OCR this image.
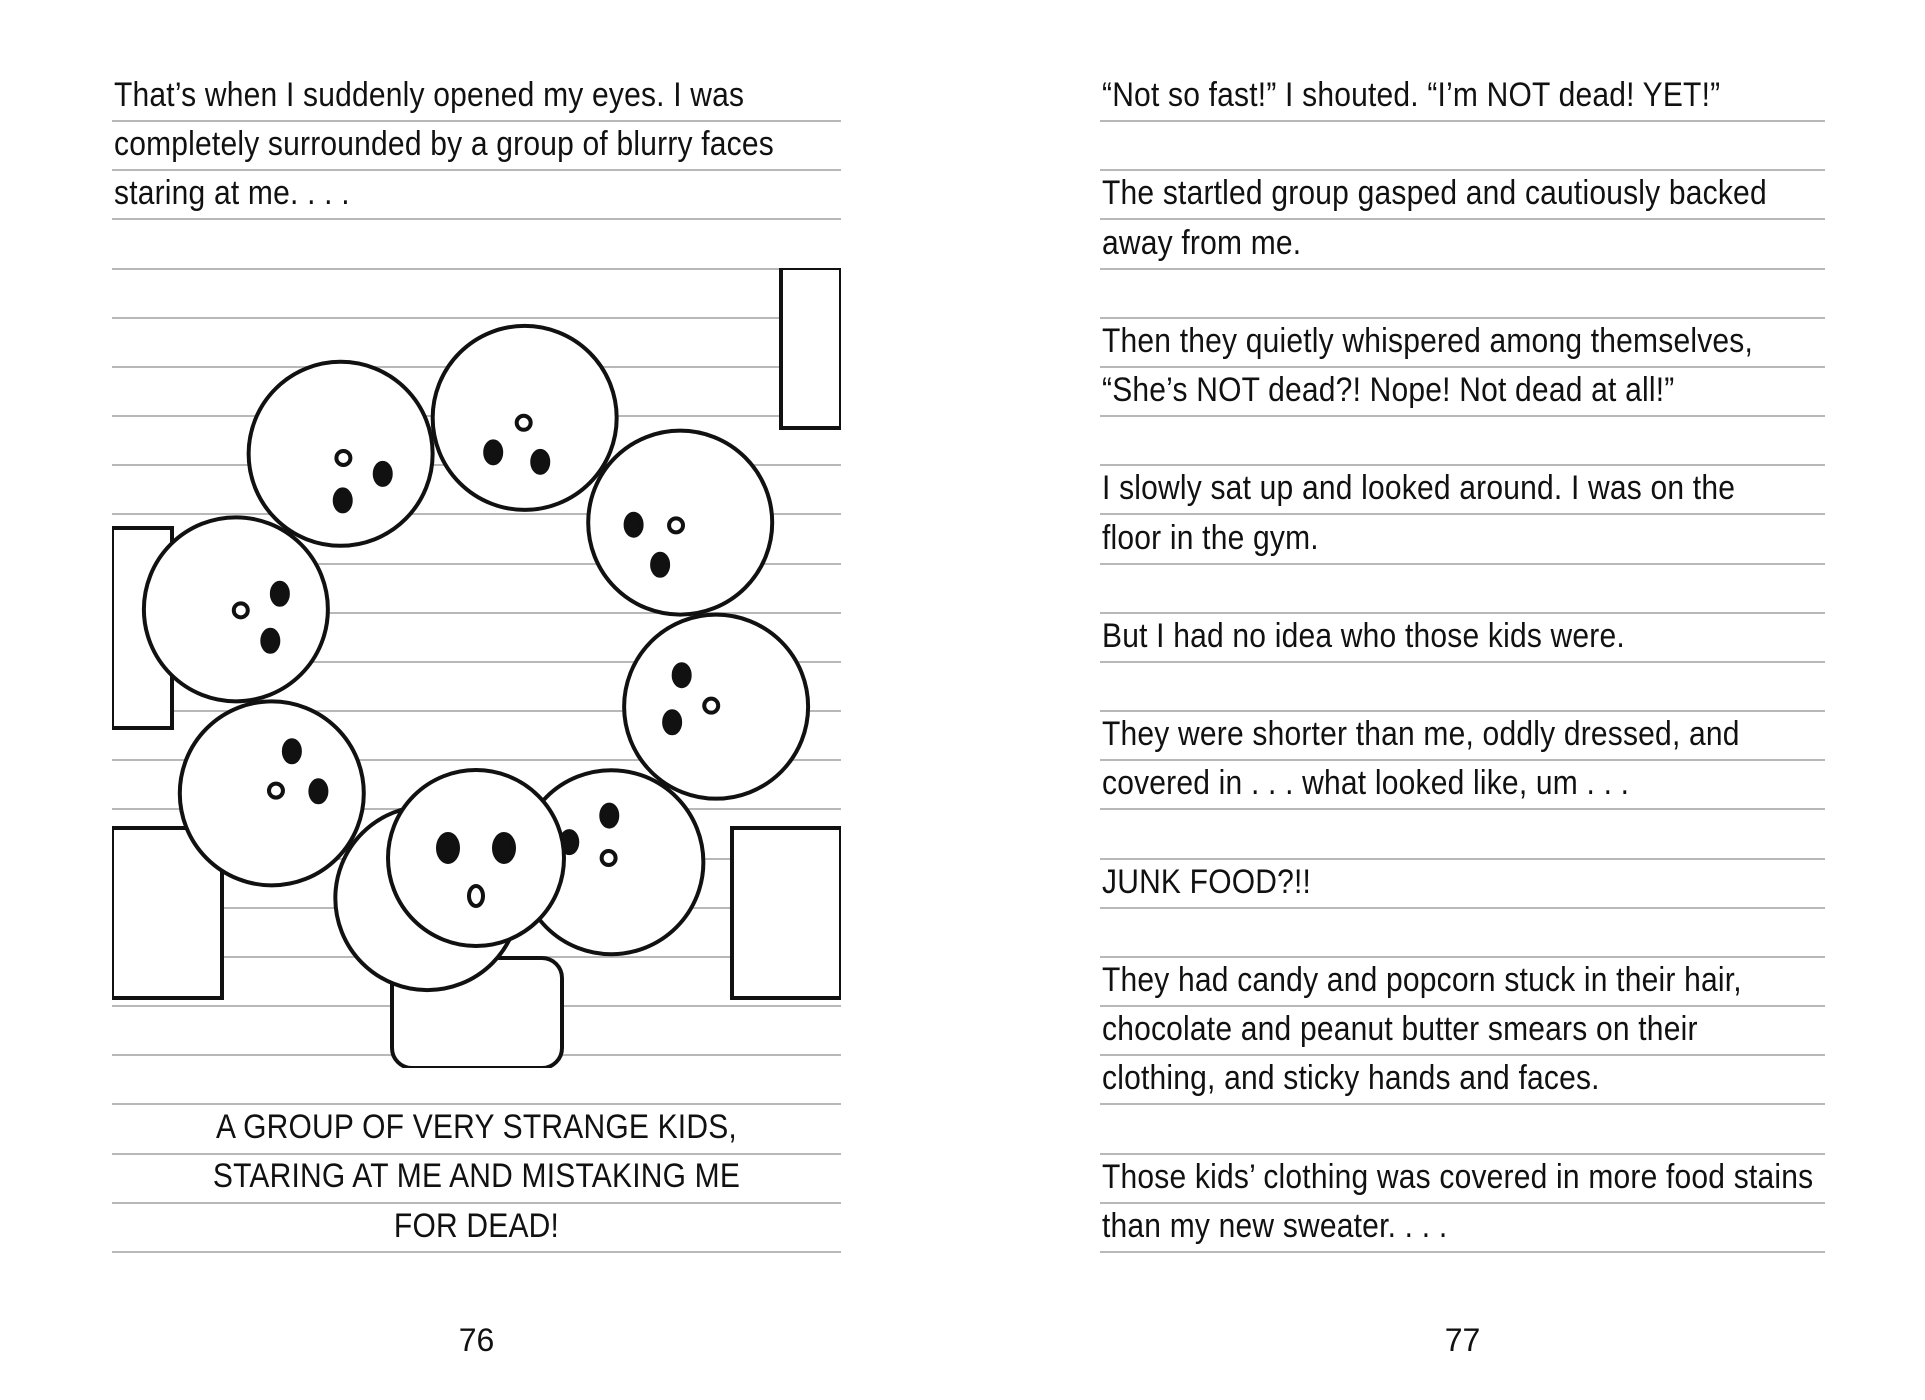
That’s when I suddenly opened my eyes. I was
completely surrounded by a group of blurry faces
staring at me. . . .
A GROUP OF VERY STRANGE KIDS,
STARING AT ME AND MISTAKING ME
FOR DEAD!
76
“Not so fast!” I shouted. “I’m NOT dead! YET!”
The startled group gasped and cautiously backed
away from me.
Then they quietly whispered among themselves,
“She’s NOT dead?! Nope! Not dead at all!”
I slowly sat up and looked around. I was on the
floor in the gym.
But I had no idea who those kids were.
They were shorter than me, oddly dressed, and
covered in . . . what looked like, um . . .
JUNK FOOD?!!
They had candy and popcorn stuck in their hair,
chocolate and peanut butter smears on their
clothing, and sticky hands and faces.
Those kids’ clothing was covered in more food stains
than my new sweater. . . .
77
